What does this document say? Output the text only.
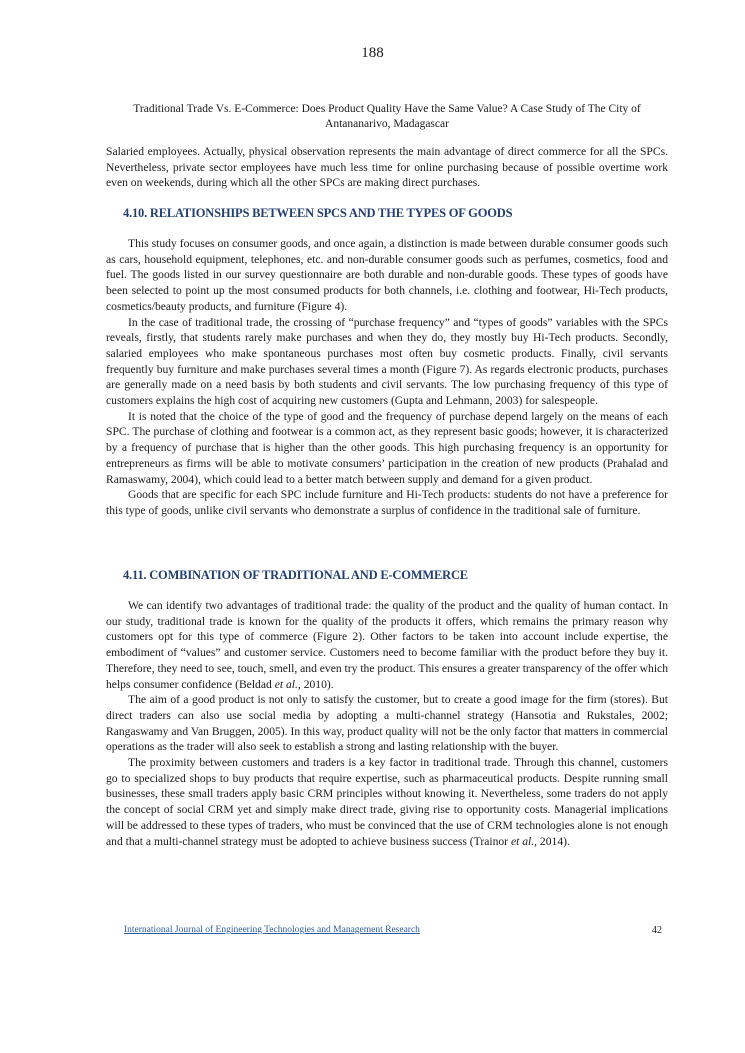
188
Traditional Trade Vs. E-Commerce: Does Product Quality Have the Same Value? A Case Study of The City of Antananarivo, Madagascar

Salaried employees. Actually, physical observation represents the main advantage of direct commerce for all the SPCs. Nevertheless, private sector employees have much less time for online purchasing because of possible overtime work even on weekends, during which all the other SPCs are making direct purchases.

4.10. RELATIONSHIPS BETWEEN SPCS AND THE TYPES OF GOODS

This study focuses on consumer goods, and once again, a distinction is made between durable consumer goods such as cars, household equipment, telephones, etc. and non-durable consumer goods such as perfumes, cosmetics, food and fuel. The goods listed in our survey questionnaire are both durable and non-durable goods. These types of goods have been selected to point up the most consumed products for both channels, i.e. clothing and footwear, Hi-Tech products, cosmetics/beauty products, and furniture (Figure 4).

In the case of traditional trade, the crossing of “purchase frequency” and “types of goods” variables with the SPCs reveals, firstly, that students rarely make purchases and when they do, they mostly buy Hi-Tech products. Secondly, salaried employees who make spontaneous purchases most often buy cosmetic products. Finally, civil servants frequently buy furniture and make purchases several times a month (Figure 7). As regards electronic products, purchases are generally made on a need basis by both students and civil servants. The low purchasing frequency of this type of customers explains the high cost of acquiring new customers (Gupta and Lehmann, 2003) for salespeople.

It is noted that the choice of the type of good and the frequency of purchase depend largely on the means of each SPC. The purchase of clothing and footwear is a common act, as they represent basic goods; however, it is characterized by a frequency of purchase that is higher than the other goods. This high purchasing frequency is an opportunity for entrepreneurs as firms will be able to motivate consumers’ participation in the creation of new products (Prahalad and Ramaswamy, 2004), which could lead to a better match between supply and demand for a given product.

Goods that are specific for each SPC include furniture and Hi-Tech products: students do not have a preference for this type of goods, unlike civil servants who demonstrate a surplus of confidence in the traditional sale of furniture.

4.11. COMBINATION OF TRADITIONAL AND E-COMMERCE

We can identify two advantages of traditional trade: the quality of the product and the quality of human contact. In our study, traditional trade is known for the quality of the products it offers, which remains the primary reason why customers opt for this type of commerce (Figure 2). Other factors to be taken into account include expertise, the embodiment of “values” and customer service. Customers need to become familiar with the product before they buy it. Therefore, they need to see, touch, smell, and even try the product. This ensures a greater transparency of the offer which helps consumer confidence (Beldad et al., 2010).

The aim of a good product is not only to satisfy the customer, but to create a good image for the firm (stores). But direct traders can also use social media by adopting a multi-channel strategy (Hansotia and Rukstales, 2002; Rangaswamy and Van Bruggen, 2005). In this way, product quality will not be the only factor that matters in commercial operations as the trader will also seek to establish a strong and lasting relationship with the buyer.

The proximity between customers and traders is a key factor in traditional trade. Through this channel, customers go to specialized shops to buy products that require expertise, such as pharmaceutical products. Despite running small businesses, these small traders apply basic CRM principles without knowing it. Nevertheless, some traders do not apply the concept of social CRM yet and simply make direct trade, giving rise to opportunity costs. Managerial implications will be addressed to these types of traders, who must be convinced that the use of CRM technologies alone is not enough and that a multi-channel strategy must be adopted to achieve business success (Trainor et al., 2014).

International Journal of Engineering Technologies and Management Research	42
